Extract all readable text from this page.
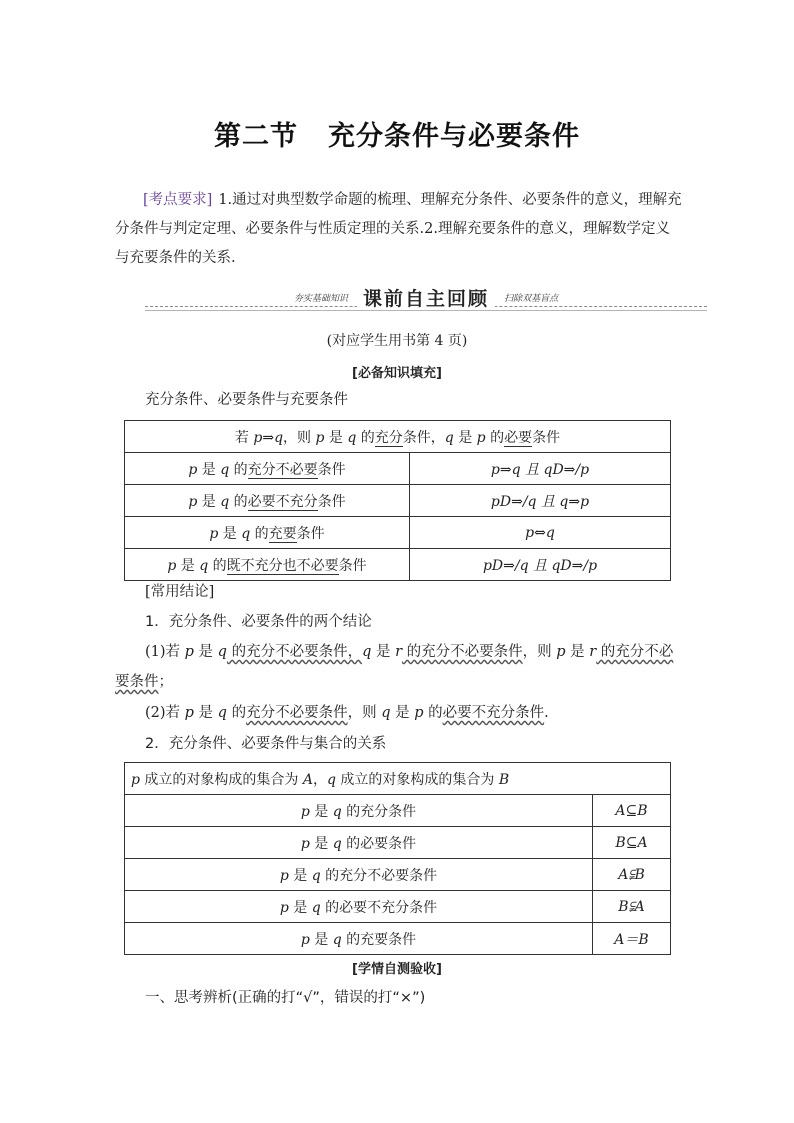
第二节 充分条件与必要条件
[考点要求] 1.通过对典型数学命题的梳理、理解充分条件、必要条件的意义，理解充分条件与判定定理、必要条件与性质定理的关系.2.理解充要条件的意义，理解数学定义与充要条件的关系.
夯实基础知识 课前自主回顾 扫除双基盲点
(对应学生用书第 4 页)
[必备知识填充]
充分条件、必要条件与充要条件
若 p⇒q，则 p 是 q 的充分条件，q 是 p 的必要条件	
p 是 q 的充分不必要条件	p⇒q 且 qD⇒/p
p 是 q 的必要不充分条件	pD⇒/q 且 q⇒p
p 是 q 的充要条件	p⇔q
p 是 q 的既不充分也不必要条件	pD⇒/q 且 qD⇒/p
[常用结论]
1．充分条件、必要条件的两个结论
(1)若 p 是 q 的充分不必要条件，q 是 r 的充分不必要条件，则 p 是 r 的充分不必要条件；
(2)若 p 是 q 的充分不必要条件，则 q 是 p 的必要不充分条件.
2．充分条件、必要条件与集合的关系
p 成立的对象构成的集合为 A，q 成立的对象构成的集合为 B	
p 是 q 的充分条件	A⊆B
p 是 q 的必要条件	B⊆A
p 是 q 的充分不必要条件	A⫋B
p 是 q 的必要不充分条件	B⫋A
p 是 q 的充要条件	A＝B
[学情自测验收]
一、思考辨析(正确的打“√”，错误的打“×”)
